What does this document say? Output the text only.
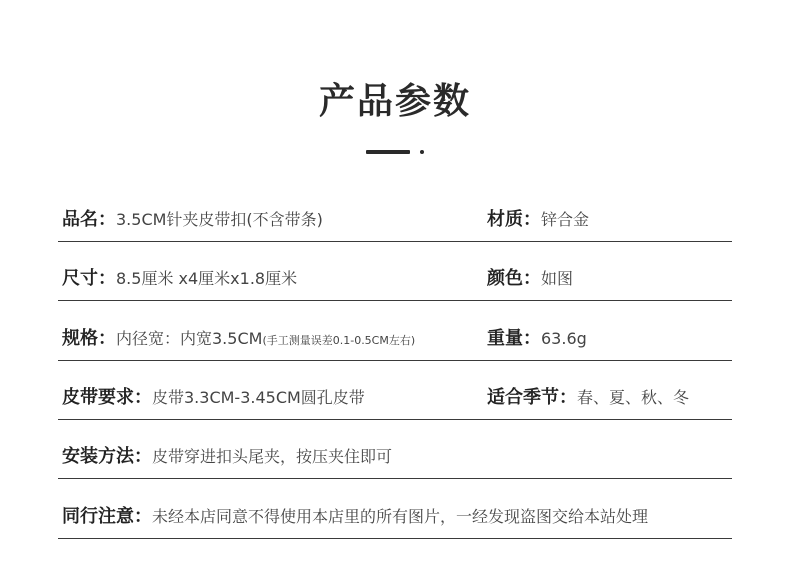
产品参数
品名：3.5CM针夹皮带扣(不含带条)	材质：锌合金
尺寸：8.5厘米 x4厘米x1.8厘米	颜色：如图
规格：内径宽：内宽3.5CM(手工测量误差0.1-0.5CM左右)	重量：63.6g
皮带要求：皮带3.3CM-3.45CM圆孔皮带	适合季节：春、夏、秋、冬
安装方法：皮带穿进扣头尾夹，按压夹住即可
同行注意：未经本店同意不得使用本店里的所有图片，一经发现盗图交给本站处理
